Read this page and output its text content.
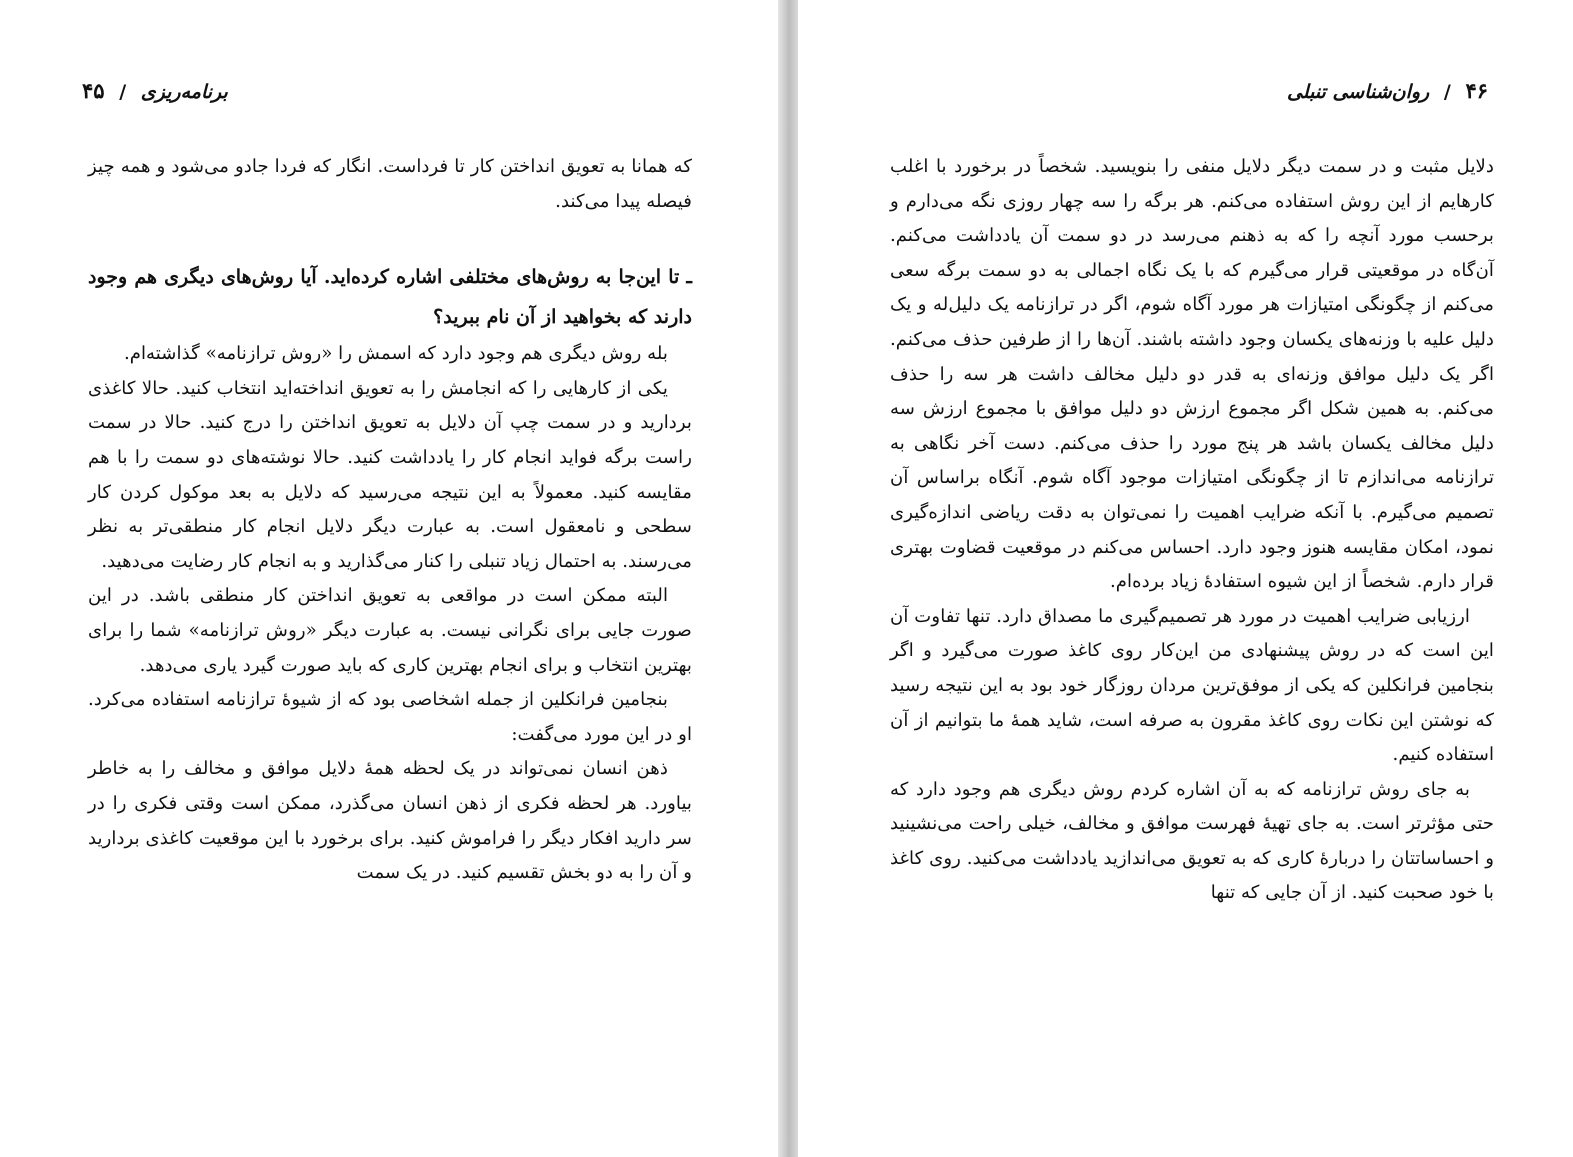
برنامه‌ریزی / ۴۵

که همانا به تعویق انداختن کار تا فرداست. انگار که فردا جادو می‌شود و همه چیز فیصله پیدا می‌کند.

ـ تا این‌جا به روش‌های مختلفی اشاره کرده‌اید. آیا روش‌های دیگری هم وجود دارند که بخواهید از آن نام ببرید؟

بله روش دیگری هم وجود دارد که اسمش را «روش ترازنامه» گذاشته‌ام.

یکی از کارهایی را که انجامش را به تعویق انداخته‌اید انتخاب کنید. حالا کاغذی بردارید و در سمت چپ آن دلایل به تعویق انداختن را درج کنید. حالا در سمت راست برگه فواید انجام کار را یادداشت کنید. حالا نوشته‌های دو سمت را با هم مقایسه کنید. معمولاً به این نتیجه می‌رسید که دلایل به بعد موکول کردن کار سطحی و نامعقول است. به عبارت دیگر دلایل انجام کار منطقی‌تر به نظر می‌رسند. به احتمال زیاد تنبلی را کنار می‌گذارید و به انجام کار رضایت می‌دهید.

البته ممکن است در مواقعی به تعویق انداختن کار منطقی باشد. در این صورت جایی برای نگرانی نیست. به عبارت دیگر «روش ترازنامه» شما را برای بهترین انتخاب و برای انجام بهترین کاری که باید صورت گیرد یاری می‌دهد.

بنجامین فرانکلین از جمله اشخاصی بود که از شیوهٔ ترازنامه استفاده می‌کرد. او در این مورد می‌گفت:

ذهن انسان نمی‌تواند در یک لحظه همهٔ دلایل موافق و مخالف را به خاطر بیاورد. هر لحظه فکری از ذهن انسان می‌گذرد، ممکن است وقتی فکری را در سر دارید افکار دیگر را فراموش کنید. برای برخورد با این موقعیت کاغذی بردارید و آن را به دو بخش تقسیم کنید. در یک سمت

۴۶ / روان‌شناسی تنبلی

دلایل مثبت و در سمت دیگر دلایل منفی را بنویسید. شخصاً در برخورد با اغلب کارهایم از این روش استفاده می‌کنم. هر برگه را سه چهار روزی نگه می‌دارم و برحسب مورد آنچه را که به ذهنم می‌رسد در دو سمت آن یادداشت می‌کنم. آن‌گاه در موقعیتی قرار می‌گیرم که با یک نگاه اجمالی به دو سمت برگه سعی می‌کنم از چگونگی امتیازات هر مورد آگاه شوم، اگر در ترازنامه یک دلیل‌له و یک دلیل علیه با وزنه‌های یکسان وجود داشته باشند. آن‌ها را از طرفین حذف می‌کنم. اگر یک دلیل موافق وزنه‌ای به قدر دو دلیل مخالف داشت هر سه را حذف می‌کنم. به همین شکل اگر مجموع ارزش دو دلیل موافق با مجموع ارزش سه دلیل مخالف یکسان باشد هر پنج مورد را حذف می‌کنم. دست آخر نگاهی به ترازنامه می‌اندازم تا از چگونگی امتیازات موجود آگاه شوم. آنگاه براساس آن تصمیم می‌گیرم. با آنکه ضرایب اهمیت را نمی‌توان به دقت ریاضی اندازه‌گیری نمود، امکان مقایسه هنوز وجود دارد. احساس می‌کنم در موقعیت قضاوت بهتری قرار دارم. شخصاً از این شیوه استفادهٔ زیاد برده‌ام.

ارزیابی ضرایب اهمیت در مورد هر تصمیم‌گیری ما مصداق دارد. تنها تفاوت آن این است که در روش پیشنهادی من این‌کار روی کاغذ صورت می‌گیرد و اگر بنجامین فرانکلین که یکی از موفق‌ترین مردان روزگار خود بود به این نتیجه رسید که نوشتن این نکات روی کاغذ مقرون به صرفه است، شاید همهٔ ما بتوانیم از آن استفاده کنیم.

به جای روش ترازنامه که به آن اشاره کردم روش دیگری هم وجود دارد که حتی مؤثرتر است. به جای تهیهٔ فهرست موافق و مخالف، خیلی راحت می‌نشینید و احساساتتان را دربارهٔ کاری که به تعویق می‌اندازید یادداشت می‌کنید. روی کاغذ با خود صحبت کنید. از آن جایی که تنها
